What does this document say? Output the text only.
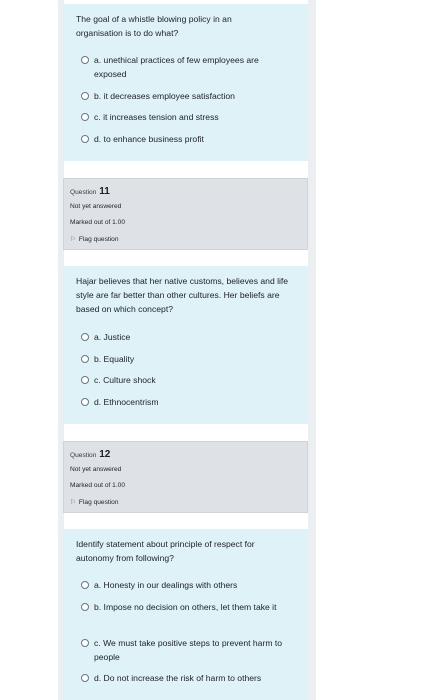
The goal of a whistle blowing policy in an organisation is to do what?

a. unethical practices of few employees are exposed
b. it decreases employee satisfaction
c. it increases tension and stress
d. to enhance business profit
Question 11
Not yet answered
Marked out of 1.00
⚐ Flag question

Hajar believes that her native customs, believes and life style are far better than other cultures. Her beliefs are based on which concept?

a. Justice
b. Equality
c. Culture shock
d. Ethnocentrism
Question 12
Not yet answered
Marked out of 1.00
⚐ Flag question

Identify statement about principle of respect for autonomy from following?

a. Honesty in our dealings with others
b. Impose no decision on others, let them take it
c. We must take positive steps to prevent harm to people
d. Do not increase the risk of harm to others
